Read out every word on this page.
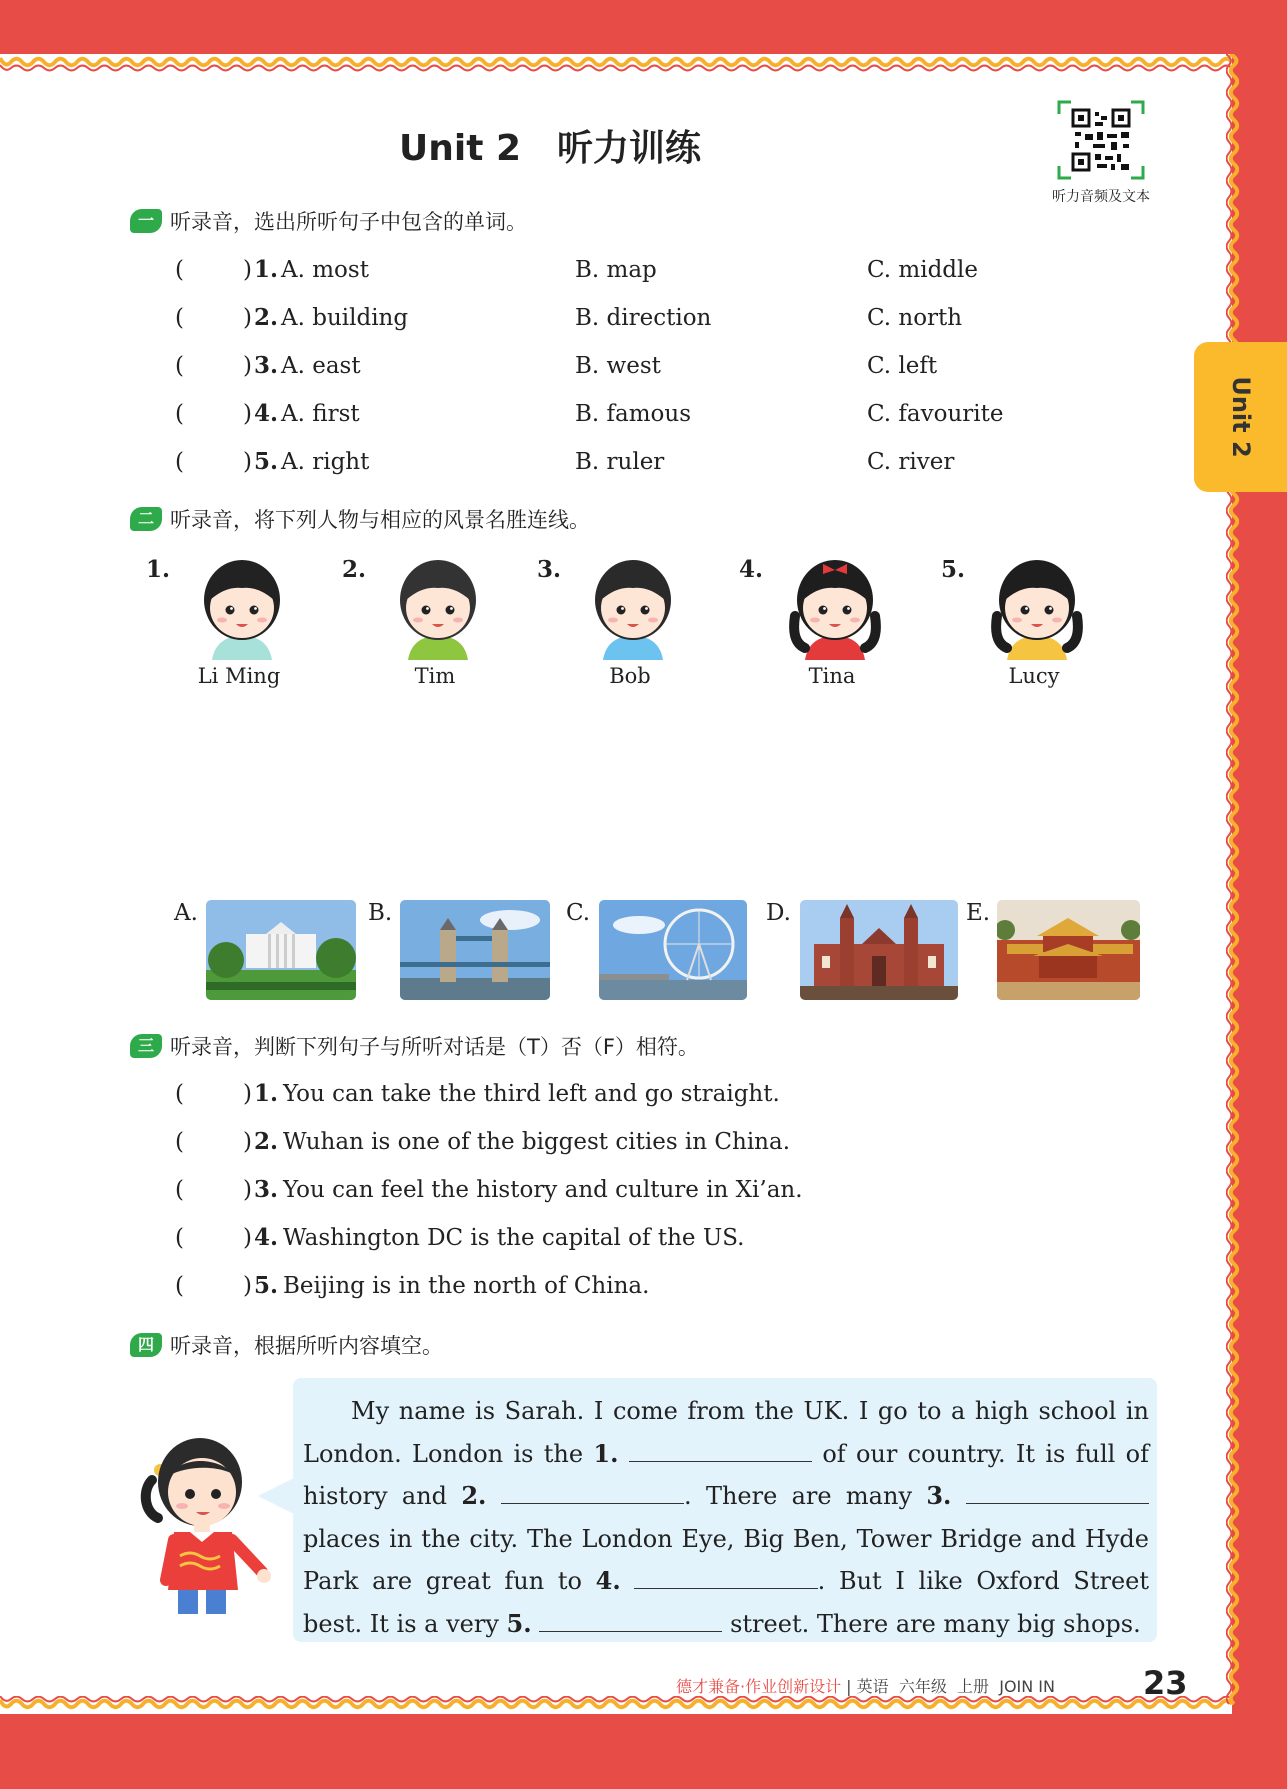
Unit 2
Unit 2　听力训练
听力音频及文本
一 听录音，选出所听句子中包含的单词。
(	) 1. A. most	B. map	C. middle
(	) 2. A. building	B. direction	C. north
(	) 3. A. east	B. west	C. left
(	) 4. A. first	B. famous	C. favourite
(	) 5. A. right	B. ruler	C. river
二 听录音，将下列人物与相应的风景名胜连线。
1.
Li Ming
2.
Tim
3.
Bob
4.
Tina
5.
Lucy
A.	B.	C.	D.	E.
三 听录音，判断下列句子与所听对话是（T）否（F）相符。
(	) 1. You can take the third left and go straight.
(	) 2. Wuhan is one of the biggest cities in China.
(	) 3. You can feel the history and culture in Xi’an.
(	) 4. Washington DC is the capital of the US.
(	) 5. Beijing is in the north of China.
四 听录音，根据所听内容填空。

  My name is Sarah. I come from the UK. I go to a high school in London. London is the 1.	of our country. It is full of history and 2.	. There are many 3.  places in the city. The London Eye, Big Ben, Tower Bridge and Hyde Park are great fun to 4.	. But I like Oxford Street best. It is a very 5.	street. There are many big shops.

德才兼备·作业创新设计 | 英语 六年级 上册 JOIN IN	23
